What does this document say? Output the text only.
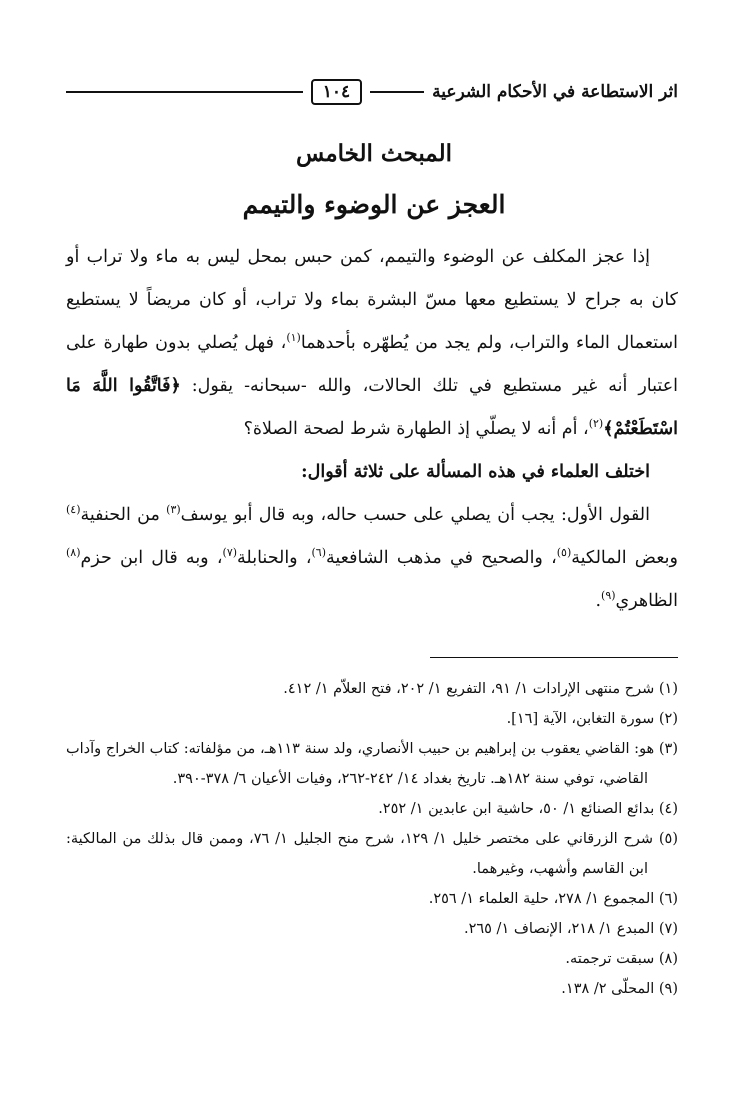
اثر الاستطاعة في الأحكام الشرعية
١٠٤
المبحث الخامس
العجز عن الوضوء والتيمم

إذا عجز المكلف عن الوضوء والتيمم، كمن حبس بمحل ليس به ماء ولا تراب أو كان به جراح لا يستطيع معها مسّ البشرة بماء ولا تراب، أو كان مريضاً لا يستطيع استعمال الماء والتراب، ولم يجد من يُطهّره بأحدهما$^{(١)}$، فهل يُصلي بدون طهارة على اعتبار أنه غير مستطيع في تلك الحالات، والله -سبحانه- يقول: ﴿فَاتَّقُوا اللَّهَ مَا اسْتَطَعْتُمْ﴾$^{(٢)}$، أم أنه لا يصلّي إذ الطهارة شرط لصحة الصلاة؟

اختلف العلماء في هذه المسألة على ثلاثة أقوال:

القول الأول: يجب أن يصلي على حسب حاله، وبه قال أبو يوسف$^{(٣)}$ من الحنفية$^{(٤)}$ وبعض المالكية$^{(٥)}$، والصحيح في مذهب الشافعية$^{(٦)}$، والحنابلة$^{(٧)}$، وبه قال ابن حزم$^{(٨)}$ الظاهري$^{(٩)}$.

(١) شرح منتهى الإرادات ١/ ٩١، التفريع ١/ ٢٠٢، فتح العلاّم ١/ ٤١٢.

(٢) سورة التغابن، الآية [١٦].

(٣) هو: القاضي يعقوب بن إبراهيم بن حبيب الأنصاري، ولد سنة ١١٣هـ، من مؤلفاته: كتاب الخراج وآداب القاضي، توفي سنة ١٨٢هـ. تاريخ بغداد ١٤/ ٢٤٢-٢٦٢، وفيات الأعيان ٦/ ٣٧٨-٣٩٠.

(٤) بدائع الصنائع ١/ ٥٠، حاشية ابن عابدين ١/ ٢٥٢.

(٥) شرح الزرقاني على مختصر خليل ١/ ١٢٩، شرح منح الجليل ١/ ٧٦، وممن قال بذلك من المالكية: ابن القاسم وأشهب، وغيرهما.

(٦) المجموع ١/ ٢٧٨، حلية العلماء ١/ ٢٥٦.

(٧) المبدع ١/ ٢١٨، الإنصاف ١/ ٢٦٥.

(٨) سبقت ترجمته.

(٩) المحلّى ٢/ ١٣٨.
